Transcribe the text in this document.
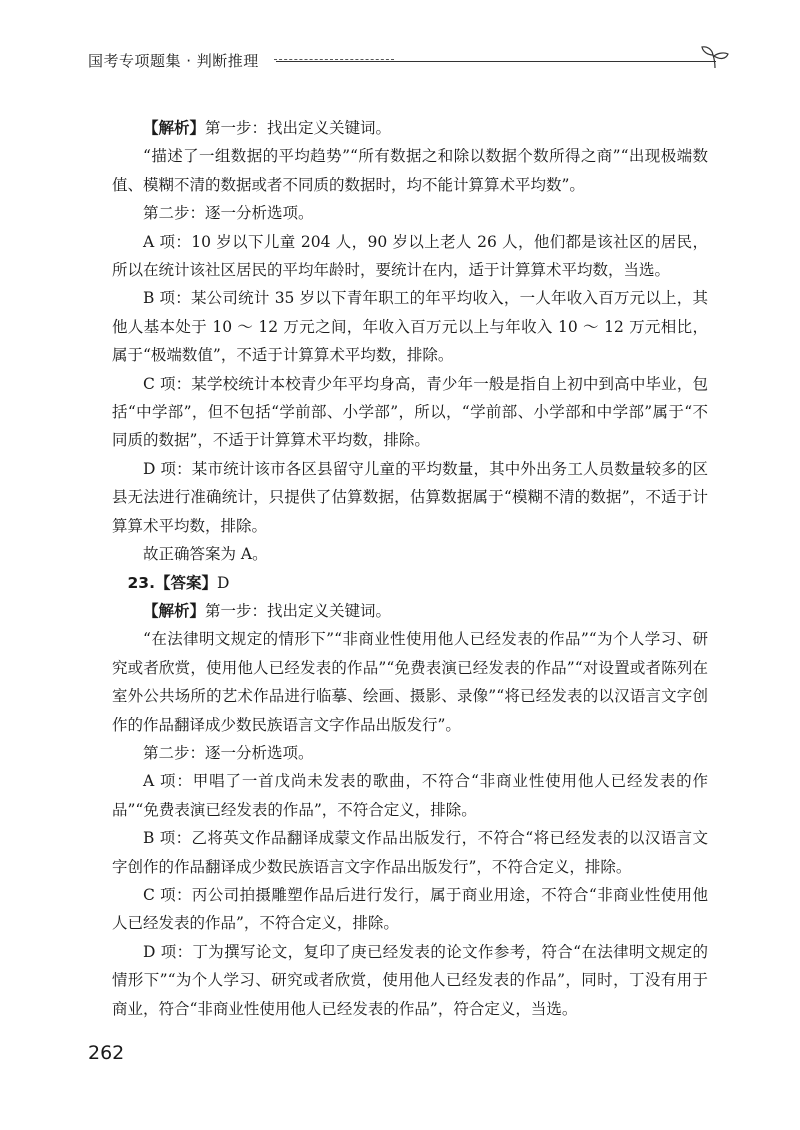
国考专项题集 · 判断推理

【解析】第一步：找出定义关键词。

“描述了一组数据的平均趋势”“所有数据之和除以数据个数所得之商”“出现极端数值、模糊不清的数据或者不同质的数据时，均不能计算算术平均数”。

第二步：逐一分析选项。

A 项：10 岁以下儿童 204 人，90 岁以上老人 26 人，他们都是该社区的居民，所以在统计该社区居民的平均年龄时，要统计在内，适于计算算术平均数，当选。

B 项：某公司统计 35 岁以下青年职工的年平均收入，一人年收入百万元以上，其他人基本处于 10 ～ 12 万元之间，年收入百万元以上与年收入 10 ～ 12 万元相比，属于“极端数值”，不适于计算算术平均数，排除。

C 项：某学校统计本校青少年平均身高，青少年一般是指自上初中到高中毕业，包括“中学部”，但不包括“学前部、小学部”，所以，“学前部、小学部和中学部”属于“不同质的数据”，不适于计算算术平均数，排除。

D 项：某市统计该市各区县留守儿童的平均数量，其中外出务工人员数量较多的区县无法进行准确统计，只提供了估算数据，估算数据属于“模糊不清的数据”，不适于计算算术平均数，排除。

故正确答案为 A。

23.【答案】D

【解析】第一步：找出定义关键词。

“在法律明文规定的情形下”“非商业性使用他人已经发表的作品”“为个人学习、研究或者欣赏，使用他人已经发表的作品”“免费表演已经发表的作品”“对设置或者陈列在室外公共场所的艺术作品进行临摹、绘画、摄影、录像”“将已经发表的以汉语言文字创作的作品翻译成少数民族语言文字作品出版发行”。

第二步：逐一分析选项。

A 项：甲唱了一首戊尚未发表的歌曲，不符合“非商业性使用他人已经发表的作品”“免费表演已经发表的作品”，不符合定义，排除。

B 项：乙将英文作品翻译成蒙文作品出版发行，不符合“将已经发表的以汉语言文字创作的作品翻译成少数民族语言文字作品出版发行”，不符合定义，排除。

C 项：丙公司拍摄雕塑作品后进行发行，属于商业用途，不符合“非商业性使用他人已经发表的作品”，不符合定义，排除。

D 项：丁为撰写论文，复印了庚已经发表的论文作参考，符合“在法律明文规定的情形下”“为个人学习、研究或者欣赏，使用他人已经发表的作品”，同时，丁没有用于商业，符合“非商业性使用他人已经发表的作品”，符合定义，当选。

262
